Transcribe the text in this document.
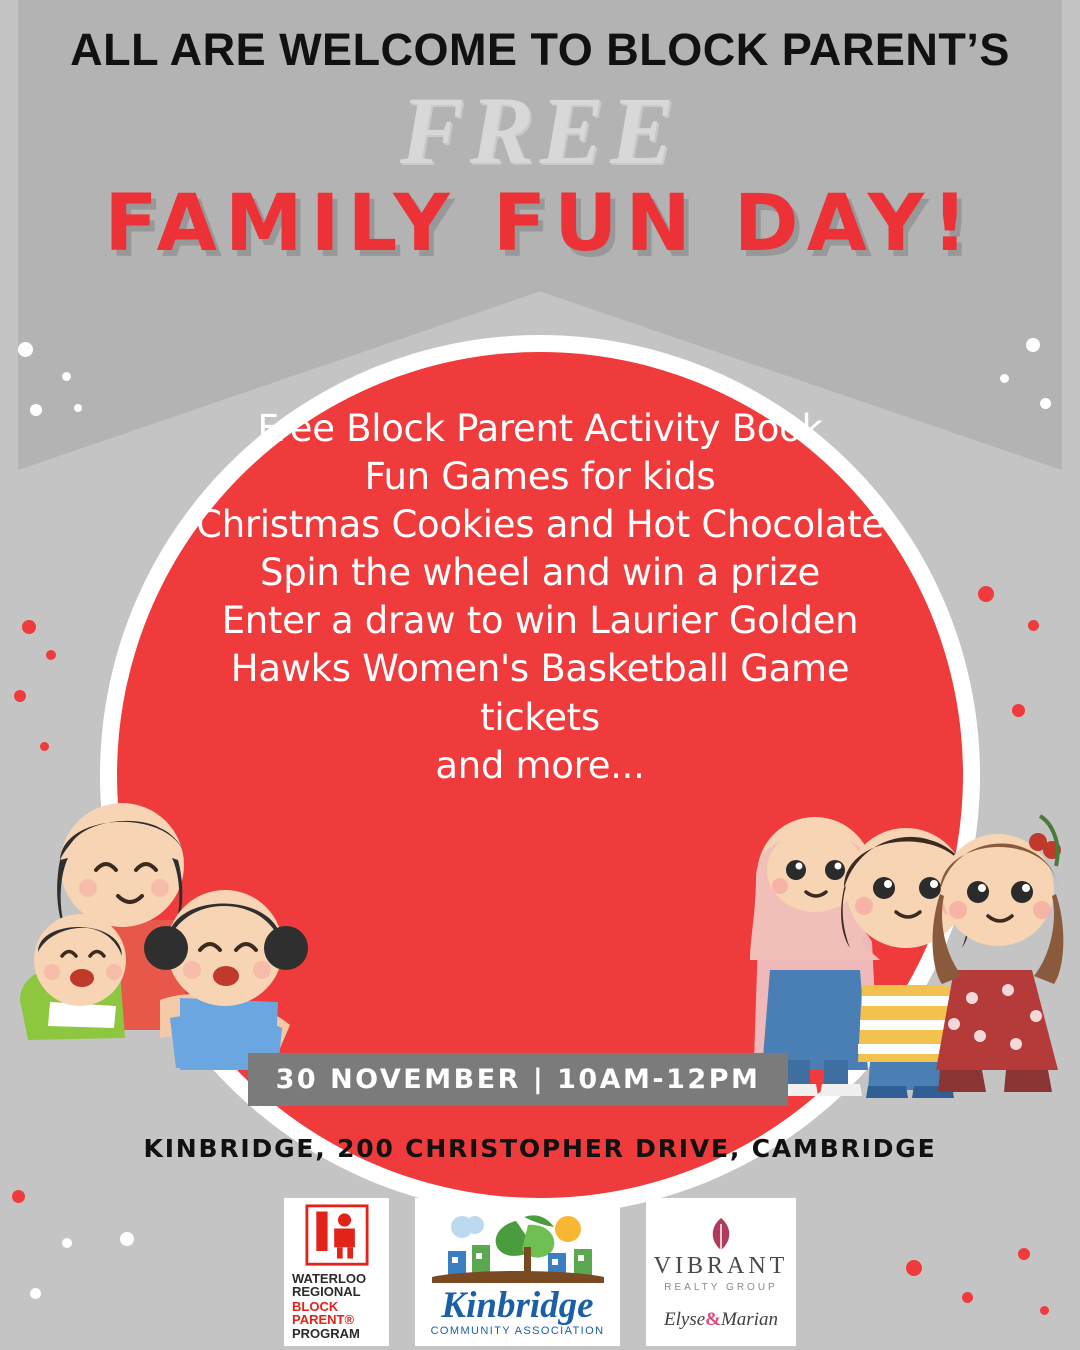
ALL ARE WELCOME TO BLOCK PARENT’S
FREE
FAMILY FUN DAY!
Free Block Parent Activity Book
Fun Games for kids
Christmas Cookies and Hot Chocolate
Spin the wheel and win a prize
Enter a draw to win Laurier Golden
Hawks Women's Basketball Game
tickets
and more...
30 NOVEMBER | 10AM-12PM
KINBRIDGE, 200 CHRISTOPHER DRIVE, CAMBRIDGE
WATERLOO
REGIONAL
BLOCK PARENT®
PROGRAM
Kinbridge
COMMUNITY ASSOCIATION
VIBRANT
REALTY GROUP
Elyse&Marian
